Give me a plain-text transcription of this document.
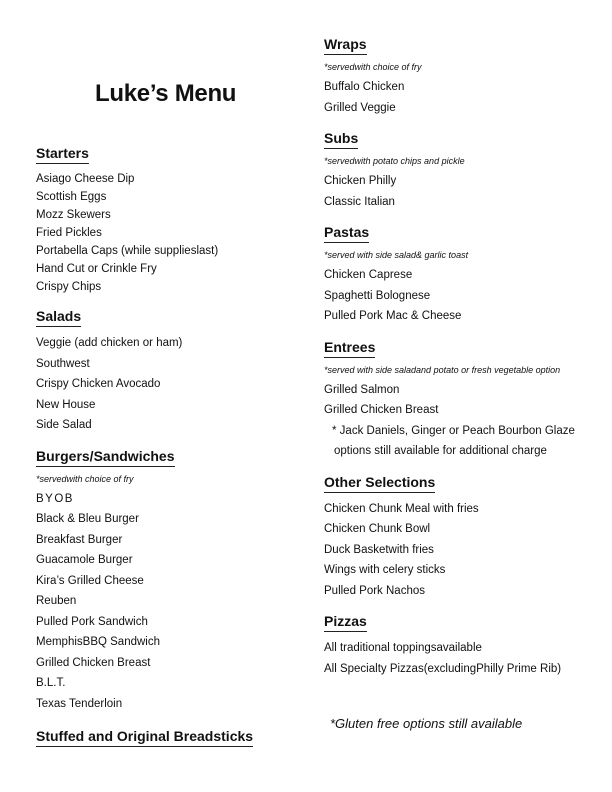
Luke’s Menu
Starters
Asiago Cheese Dip
Scottish Eggs
Mozz Skewers
Fried Pickles
Portabella Caps (while supplieslast)
Hand Cut or Crinkle Fry
Crispy Chips
Salads
Veggie (add chicken or ham)
Southwest
Crispy Chicken Avocado
New House
Side Salad
Burgers/Sandwiches
*servedwith choice of fry
BYOB
Black & Bleu Burger
Breakfast Burger
Guacamole Burger
Kira’s Grilled Cheese
Reuben
Pulled Pork Sandwich
MemphisBBQ Sandwich
Grilled Chicken Breast
B.L.T.
Texas Tenderloin
Stuffed and Original Breadsticks
Wraps
*servedwith choice of fry
Buffalo Chicken
Grilled Veggie
Subs
*servedwith potato chips and pickle
Chicken Philly
Classic Italian
Pastas
*served with side salad& garlic toast
Chicken Caprese
Spaghetti Bolognese
Pulled Pork Mac & Cheese
Entrees
*served with side saladand potato or fresh vegetable option
Grilled Salmon
Grilled Chicken Breast
* Jack Daniels, Ginger or Peach Bourbon Glaze
options still available for additional charge
Other Selections
Chicken Chunk Meal with fries
Chicken Chunk Bowl
Duck Basketwith fries
Wings with celery sticks
Pulled Pork Nachos
Pizzas
All traditional toppingsavailable
All Specialty Pizzas(excludingPhilly Prime Rib)
*Gluten free options still available
